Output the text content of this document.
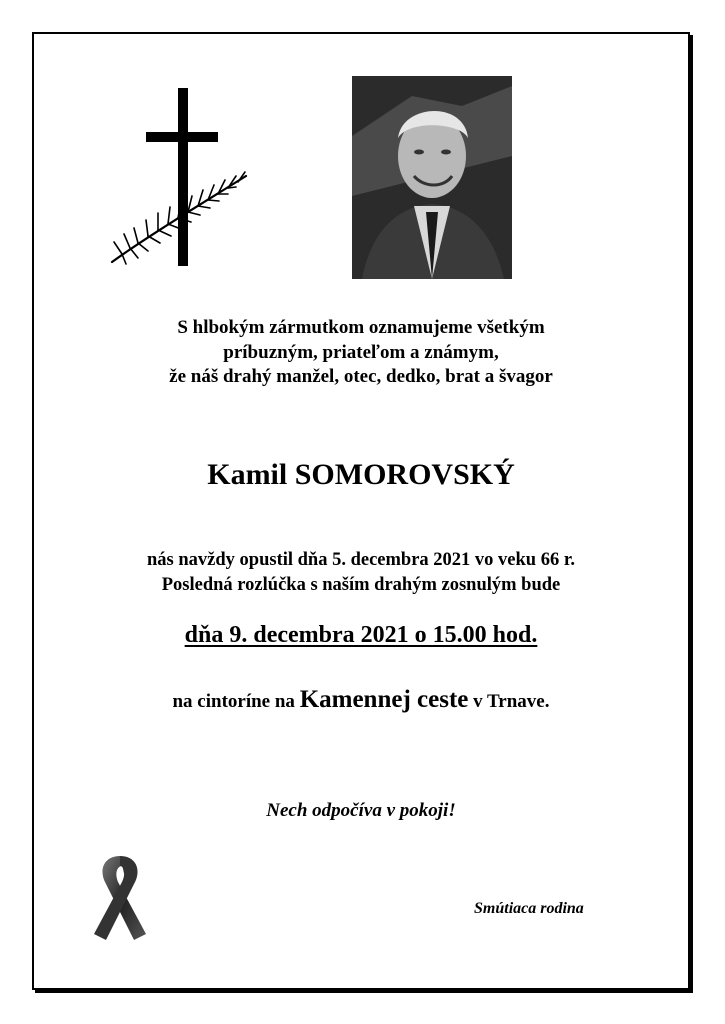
S hlbokým zármutkom oznamujeme všetkým
príbuzným, priateľom a známym,
že náš drahý manžel, otec, dedko, brat a švagor
Kamil SOMOROVSKÝ
nás navždy opustil dňa 5. decembra 2021 vo veku 66 r.
Posledná rozlúčka s naším drahým zosnulým bude
dňa 9. decembra 2021 o 15.00 hod.
na cintoríne na Kamennej ceste v Trnave.
Nech odpočíva v pokoji!
Smútiaca rodina
